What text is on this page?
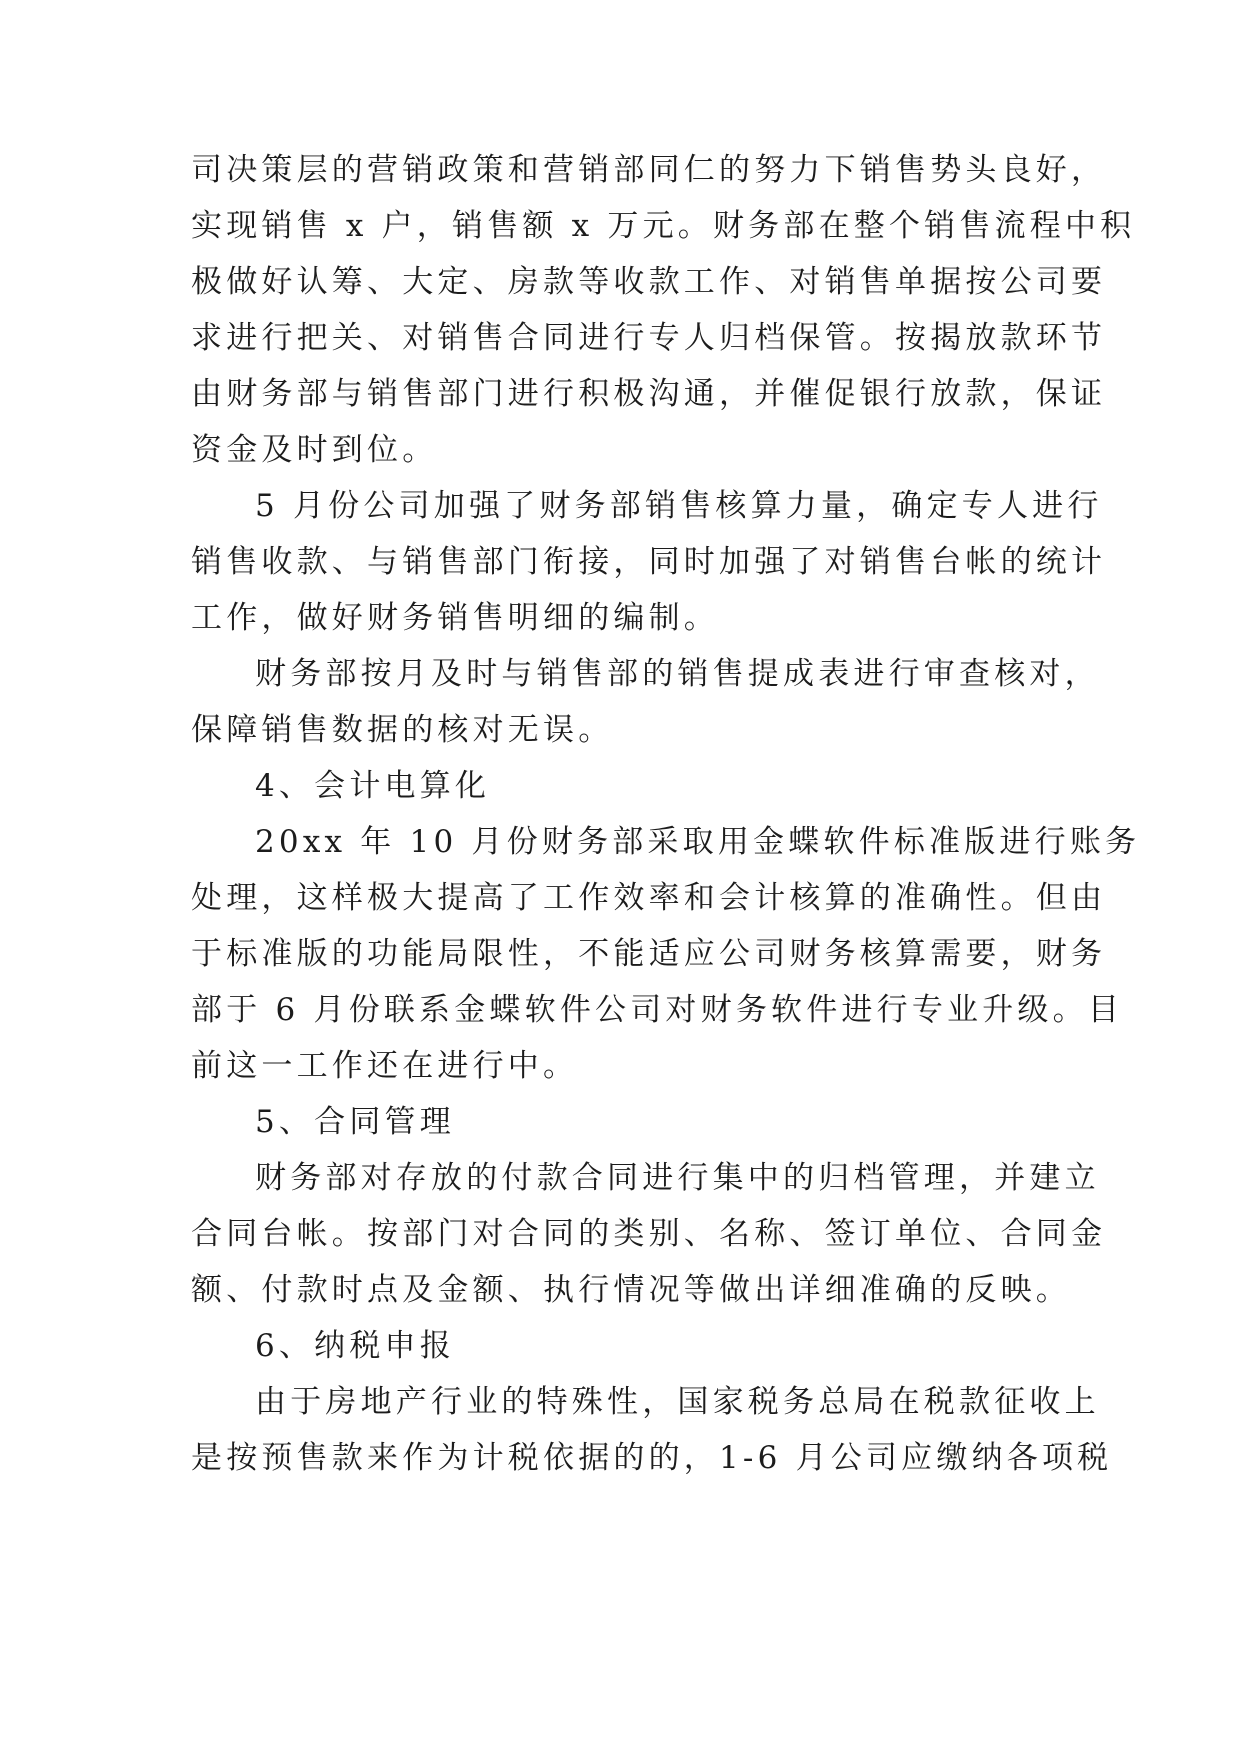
司决策层的营销政策和营销部同仁的努力下销售势头良好，

实现销售 x 户，销售额 x 万元。财务部在整个销售流程中积

极做好认筹、大定、房款等收款工作、对销售单据按公司要

求进行把关、对销售合同进行专人归档保管。按揭放款环节

由财务部与销售部门进行积极沟通，并催促银行放款，保证

资金及时到位。

5 月份公司加强了财务部销售核算力量，确定专人进行

销售收款、与销售部门衔接，同时加强了对销售台帐的统计

工作，做好财务销售明细的编制。

财务部按月及时与销售部的销售提成表进行审查核对，

保障销售数据的核对无误。

4、会计电算化

20xx 年 10 月份财务部采取用金蝶软件标准版进行账务

处理，这样极大提高了工作效率和会计核算的准确性。但由

于标准版的功能局限性，不能适应公司财务核算需要，财务

部于 6 月份联系金蝶软件公司对财务软件进行专业升级。目

前这一工作还在进行中。

5、合同管理

财务部对存放的付款合同进行集中的归档管理，并建立

合同台帐。按部门对合同的类别、名称、签订单位、合同金

额、付款时点及金额、执行情况等做出详细准确的反映。

6、纳税申报

由于房地产行业的特殊性，国家税务总局在税款征收上

是按预售款来作为计税依据的的，1-6 月公司应缴纳各项税
